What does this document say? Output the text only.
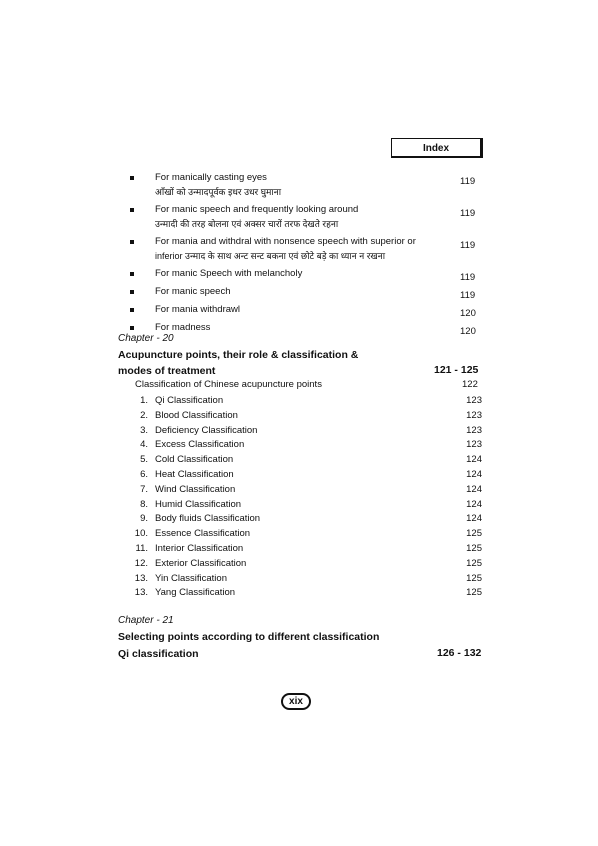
Index
For manically casting eyes
आँखों को उन्मादपूर्वक इधर उधर घुमाना
119
For manic speech and frequently looking around
उन्मादी की तरह बोलना एवं अक्सर चारों तरफ देखते रहना
119
For mania and withdral with nonsence speech with superior or
inferior उन्माद के साथ अन्ट सन्ट बकना एवं छोटे बड़े का ध्यान न रखना
119
For manic Speech with melancholy	119
For manic speech	119
For mania withdrawl	120
For madness	120
Chapter - 20
Acupuncture points, their role & classification &
modes of treatment	121 - 125
Classification of Chinese acupuncture points	122
1. Qi Classification	123
2. Blood Classification	123
3. Deficiency Classification	123
4. Excess Classification	123
5. Cold Classification	124
6. Heat Classification	124
7. Wind Classification	124
8. Humid Classification	124
9. Body fluids Classification	124
10. Essence Classification	125
11. Interior Classification	125
12. Exterior Classification	125
13. Yin Classification	125
13. Yang Classification	125
Chapter - 21
Selecting points according to different classification
Qi classification	126 - 132
xix
